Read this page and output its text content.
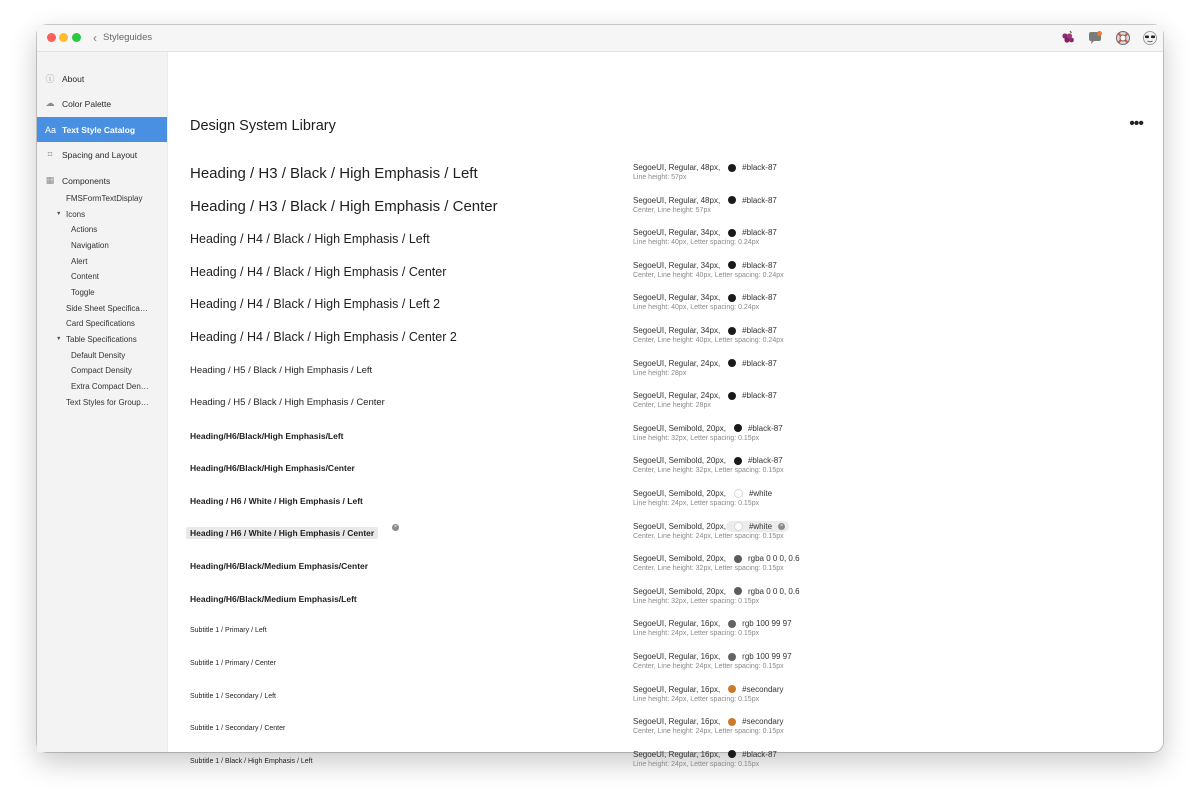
‹ Styleguides
ⓘ About
☁ Color Palette
Aa Text Style Catalog
⌗ Spacing and Layout
▦ Components
FMSFormTextDisplay
▼ Icons
Actions
Navigation
Alert
Content
Toggle
Side Sheet Specifica…
Card Specifications
▼ Table Specifications
Default Density
Compact Density
Extra Compact Den…
Text Styles for Group…
Design System Library	•••
Heading / H3 / Black / High Emphasis / Left	SegoeUI, Regular, 48px,	#black-87
Line height: 57px
Heading / H3 / Black / High Emphasis / Center	SegoeUI, Regular, 48px,	#black-87
Center, Line height: 57px
Heading / H4 / Black / High Emphasis / Left	SegoeUI, Regular, 34px,	#black-87
Line height: 40px, Letter spacing: 0.24px
Heading / H4 / Black / High Emphasis / Center	SegoeUI, Regular, 34px,	#black-87
Center, Line height: 40px, Letter spacing: 0.24px
Heading / H4 / Black / High Emphasis / Left 2	SegoeUI, Regular, 34px,	#black-87
Line height: 40px, Letter spacing: 0.24px
Heading / H4 / Black / High Emphasis / Center 2	SegoeUI, Regular, 34px,	#black-87
Center, Line height: 40px, Letter spacing: 0.24px
Heading / H5 / Black / High Emphasis / Left
SegoeUI, Regular, 24px,	#black-87
Line height: 28px
Heading / H5 / Black / High Emphasis / Center
SegoeUI, Regular, 24px,	#black-87
Center, Line height: 28px
Heading/H6/Black/High Emphasis/Left
SegoeUI, Semibold, 20px,	#black-87
Line height: 32px, Letter spacing: 0.15px
Heading/H6/Black/High Emphasis/Center
SegoeUI, Semibold, 20px,	#black-87
Center, Line height: 32px, Letter spacing: 0.15px
Heading / H6 / White / High Emphasis / Left
SegoeUI, Semibold, 20px,	#white
Line height: 24px, Letter spacing: 0.15px
Heading / H6 / White / High Emphasis / Center
×	SegoeUI, Semibold, 20px,	#white	×
Center, Line height: 24px, Letter spacing: 0.15px
Heading/H6/Black/Medium Emphasis/Center
SegoeUI, Semibold, 20px,	rgba 0 0 0, 0.6
Center, Line height: 32px, Letter spacing: 0.15px
Heading/H6/Black/Medium Emphasis/Left
SegoeUI, Semibold, 20px,	rgba 0 0 0, 0.6
Line height: 32px, Letter spacing: 0.15px
Subtitle 1 / Primary / Left
SegoeUI, Regular, 16px,	rgb 100 99 97
Line height: 24px, Letter spacing: 0.15px
Subtitle 1 / Primary / Center
SegoeUI, Regular, 16px,	rgb 100 99 97
Center, Line height: 24px, Letter spacing: 0.15px
Subtitle 1 / Secondary / Left
SegoeUI, Regular, 16px,	#secondary
Line height: 24px, Letter spacing: 0.15px
Subtitle 1 / Secondary / Center
SegoeUI, Regular, 16px,	#secondary
Center, Line height: 24px, Letter spacing: 0.15px
Subtitle 1 / Black / High Emphasis / Left
SegoeUI, Regular, 16px,	#black-87
Line height: 24px, Letter spacing: 0.15px
